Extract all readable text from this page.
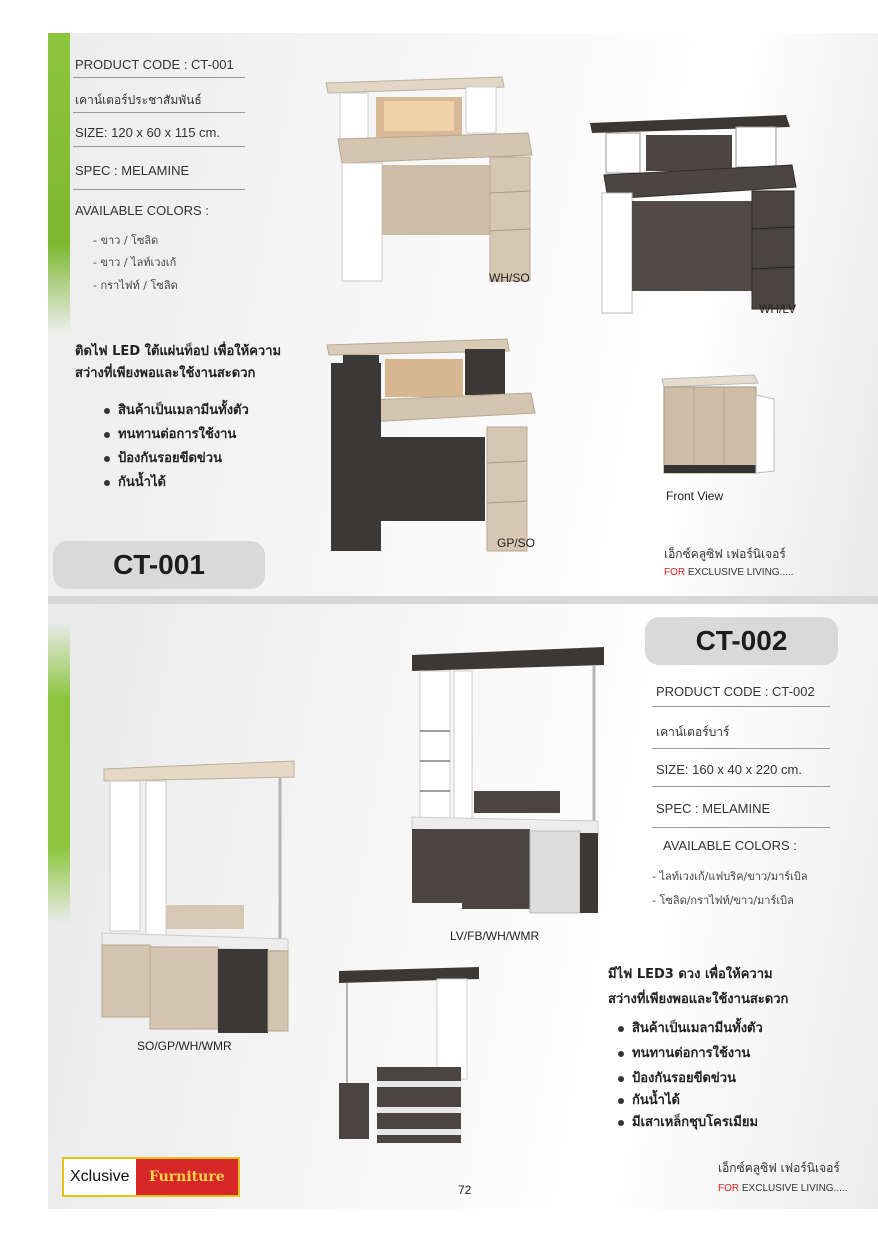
PRODUCT CODE : CT-001
เคาน์เตอร์ประชาสัมพันธ์
SIZE: 120 x 60 x 115 cm.
SPEC : MELAMINE
AVAILABLE COLORS :
- ขาว / โซลิด
- ขาว / ไลท์เวงเก้
- กราไฟท์ / โซลิด
ติดไฟ LED ใต้แผ่นท็อป เพื่อให้ความ
สว่างที่เพียงพอและใช้งานสะดวก
สินค้าเป็นเมลามีนทั้งตัว
ทนทานต่อการใช้งาน
ป้องกันรอยขีดข่วน
กันน้ำได้
CT-001
WH/SO
WH/LV
GP/SO
Front View
เอ็กซ์คลูซิฟ เฟอร์นิเจอร์
FOR EXCLUSIVE LIVING.....
CT-002
PRODUCT CODE : CT-002
เคาน์เตอร์บาร์
SIZE: 160 x 40 x 220 cm.
SPEC : MELAMINE
AVAILABLE COLORS :
- ไลท์เวงเก้/แฟบริค/ขาว/มาร์เบิล
- โซลิด/กราไฟท์/ขาว/มาร์เบิล
มีไฟ LED3 ดวง เพื่อให้ความ
สว่างที่เพียงพอและใช้งานสะดวก
สินค้าเป็นเมลามีนทั้งตัว
ทนทานต่อการใช้งาน
ป้องกันรอยขีดข่วน
กันน้ำได้
มีเสาเหล็กชุบโครเมียม
LV/FB/WH/WMR
SO/GP/WH/WMR
Xclusive	Furniture
72
เอ็กซ์คลูซิฟ เฟอร์นิเจอร์
FOR EXCLUSIVE LIVING.....
